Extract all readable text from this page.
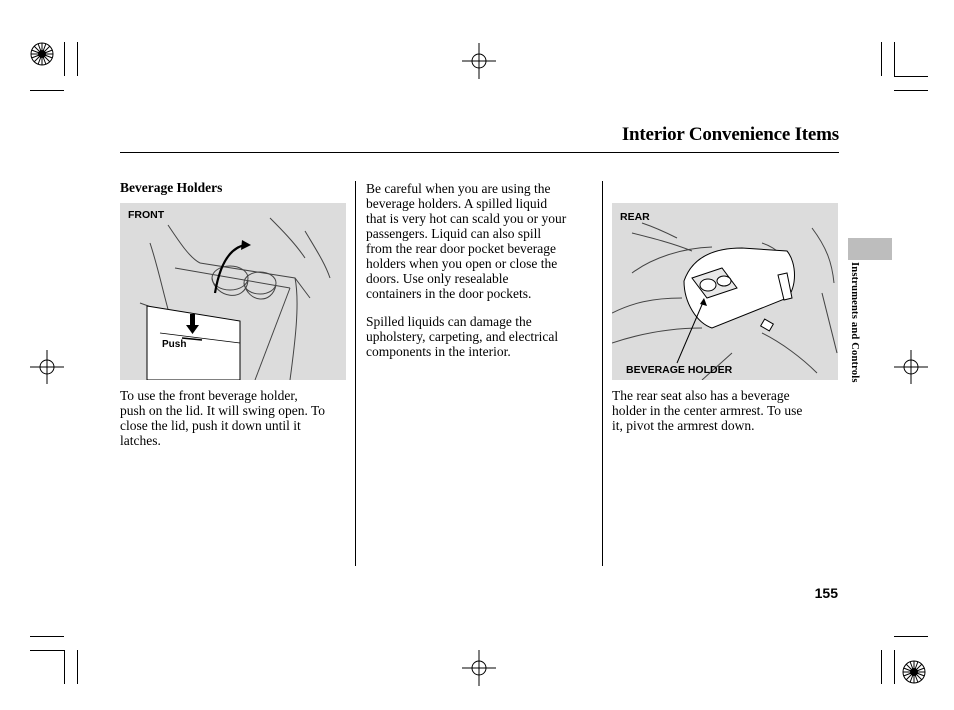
Interior Convenience Items
Beverage Holders
FRONT
Push
To use the front beverage holder,
push on the lid. It will swing open. To
close the lid, push it down until it
latches.
Be careful when you are using the
beverage holders. A spilled liquid
that is very hot can scald you or your
passengers. Liquid can also spill
from the rear door pocket beverage
holders when you open or close the
doors. Use only resealable
containers in the door pockets.
Spilled liquids can damage the
upholstery, carpeting, and electrical
components in the interior.
REAR
BEVERAGE HOLDER
The rear seat also has a beverage
holder in the center armrest. To use
it, pivot the armrest down.
Instruments and Controls
155
